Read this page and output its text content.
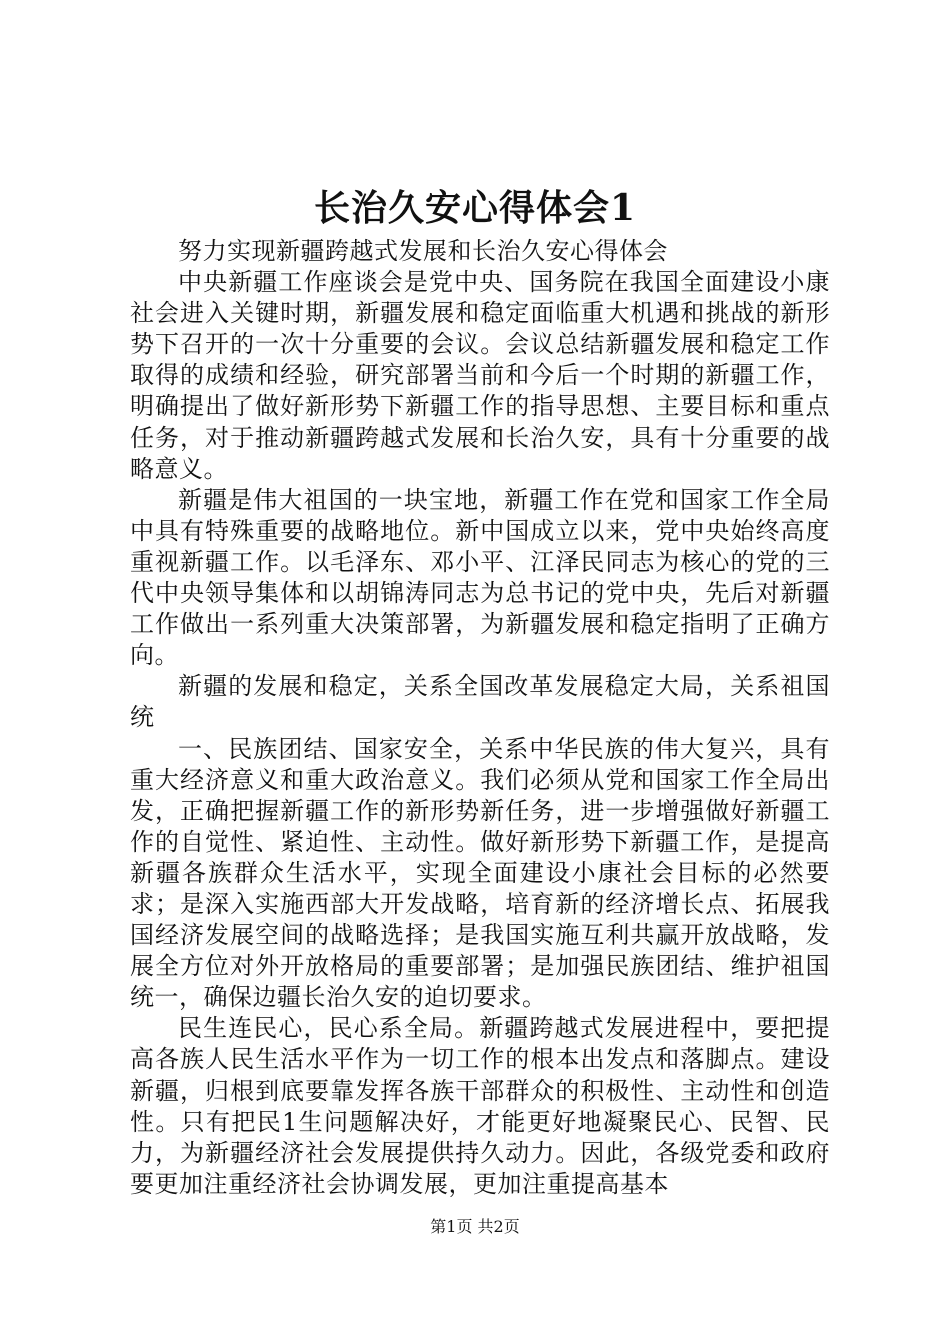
长治久安心得体会1

努力实现新疆跨越式发展和长治久安心得体会

中央新疆工作座谈会是党中央、国务院在我国全面建设小康社会进入关键时期，新疆发展和稳定面临重大机遇和挑战的新形势下召开的一次十分重要的会议。会议总结新疆发展和稳定工作取得的成绩和经验，研究部署当前和今后一个时期的新疆工作，明确提出了做好新形势下新疆工作的指导思想、主要目标和重点任务，对于推动新疆跨越式发展和长治久安，具有十分重要的战略意义。

新疆是伟大祖国的一块宝地，新疆工作在党和国家工作全局中具有特殊重要的战略地位。新中国成立以来，党中央始终高度重视新疆工作。以毛泽东、邓小平、江泽民同志为核心的党的三代中央领导集体和以胡锦涛同志为总书记的党中央，先后对新疆工作做出一系列重大决策部署，为新疆发展和稳定指明了正确方向。

新疆的发展和稳定，关系全国改革发展稳定大局，关系祖国统

一、民族团结、国家安全，关系中华民族的伟大复兴，具有重大经济意义和重大政治意义。我们必须从党和国家工作全局出发，正确把握新疆工作的新形势新任务，进一步增强做好新疆工作的自觉性、紧迫性、主动性。做好新形势下新疆工作，是提高新疆各族群众生活水平，实现全面建设小康社会目标的必然要求；是深入实施西部大开发战略，培育新的经济增长点、拓展我国经济发展空间的战略选择；是我国实施互利共赢开放战略，发展全方位对外开放格局的重要部署；是加强民族团结、维护祖国统一，确保边疆长治久安的迫切要求。

民生连民心，民心系全局。新疆跨越式发展进程中，要把提高各族人民生活水平作为一切工作的根本出发点和落脚点。建设新疆，归根到底要靠发挥各族干部群众的积极性、主动性和创造性。只有把民1生问题解决好，才能更好地凝聚民心、民智、民力，为新疆经济社会发展提供持久动力。因此，各级党委和政府要更加注重经济社会协调发展，更加注重提高基本

第1页 共2页
